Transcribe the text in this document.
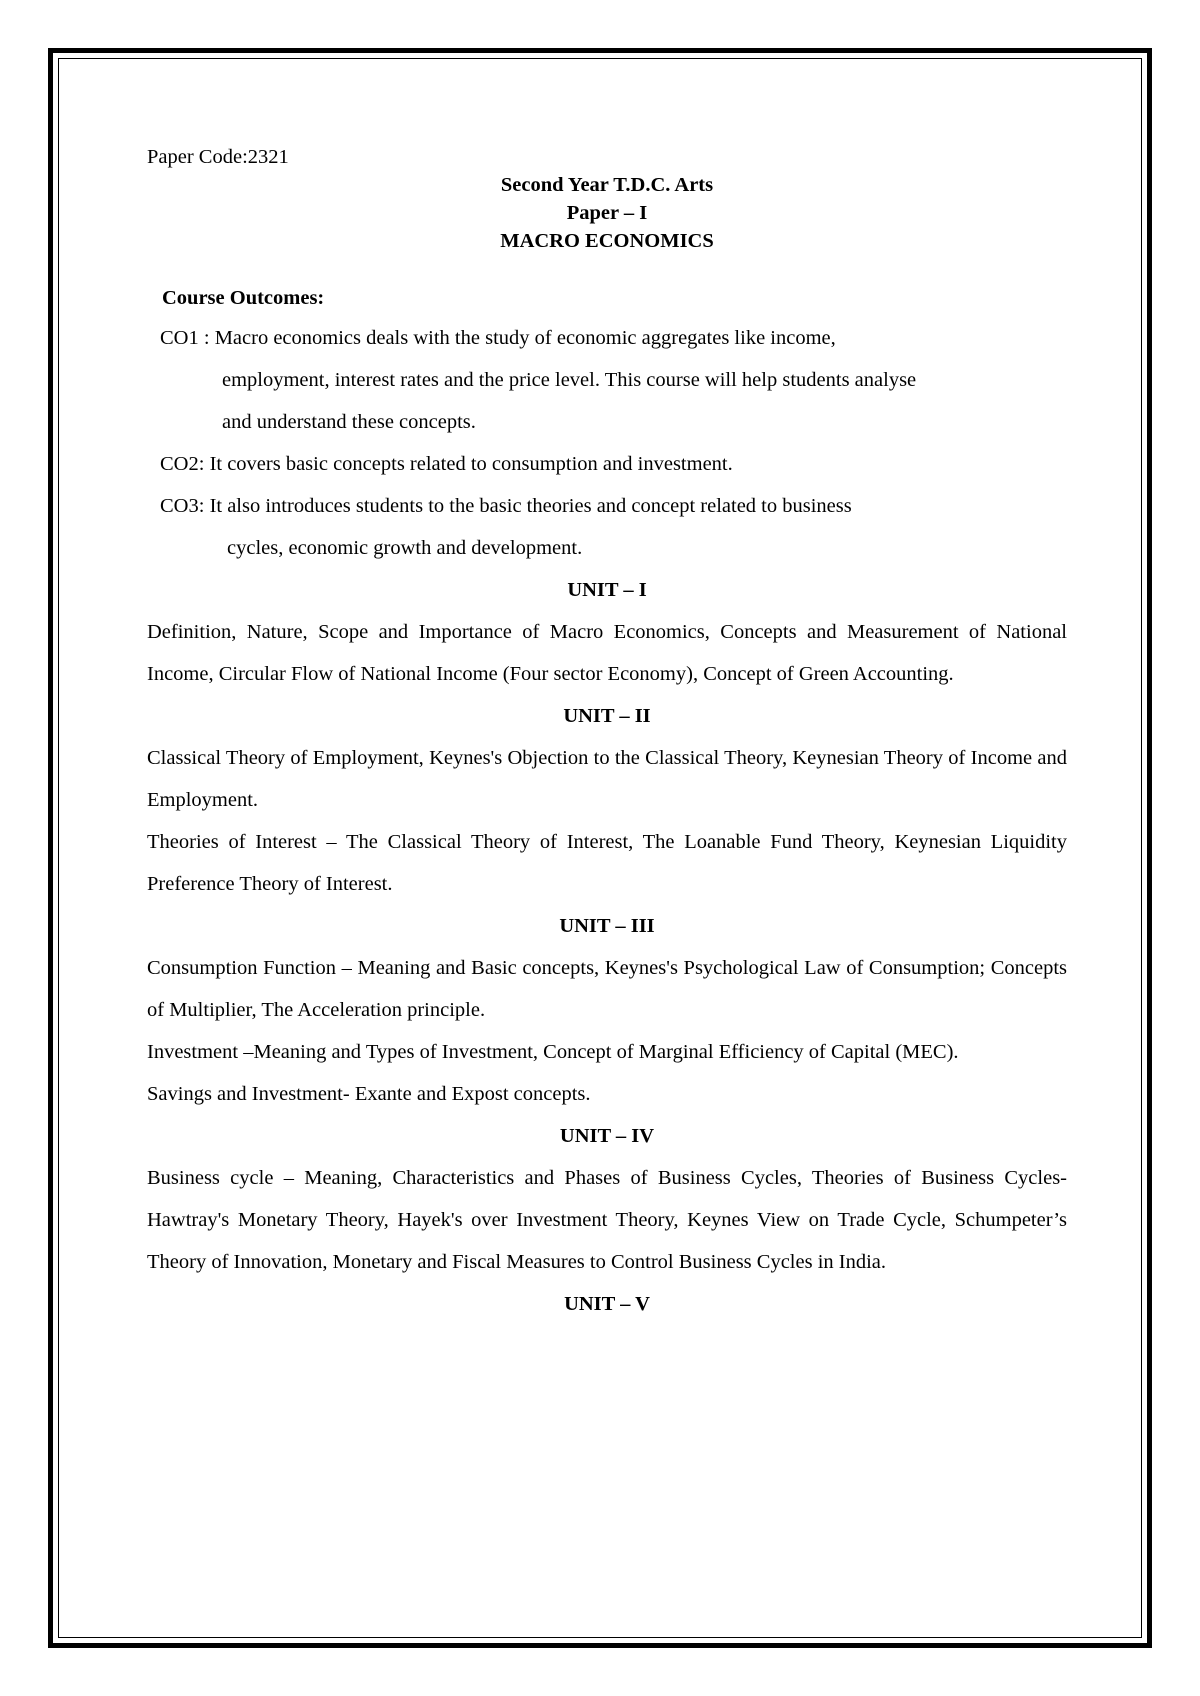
Paper Code:2321

Second Year T.D.C. Arts

Paper – I

MACRO ECONOMICS

Course Outcomes:
CO1 : Macro economics deals with the study of economic aggregates like income,
employment, interest rates and the price level. This course will help students analyse
and understand these concepts.
CO2: It covers basic concepts related to consumption and investment.
CO3: It also introduces students to the basic theories and concept related to business
cycles, economic growth and development.

UNIT – I

Definition, Nature, Scope and Importance of Macro Economics, Concepts and Measurement of National Income, Circular Flow of National Income (Four sector Economy), Concept of Green Accounting.

UNIT – II

Classical Theory of Employment, Keynes's Objection to the Classical Theory, Keynesian Theory of Income and Employment.

Theories of Interest – The Classical Theory of Interest, The Loanable Fund Theory, Keynesian Liquidity Preference Theory of Interest.

UNIT – III

Consumption Function – Meaning and Basic concepts, Keynes's Psychological Law of Consumption; Concepts of Multiplier, The Acceleration principle.

Investment –Meaning and Types of Investment, Concept of Marginal Efficiency of Capital (MEC).

Savings and Investment- Exante and Expost concepts.

UNIT – IV

Business cycle – Meaning, Characteristics and Phases of Business Cycles, Theories of Business Cycles- Hawtray's Monetary Theory, Hayek's over Investment Theory, Keynes View on Trade Cycle, Schumpeter’s Theory of Innovation, Monetary and Fiscal Measures to Control Business Cycles in India.

UNIT – V
